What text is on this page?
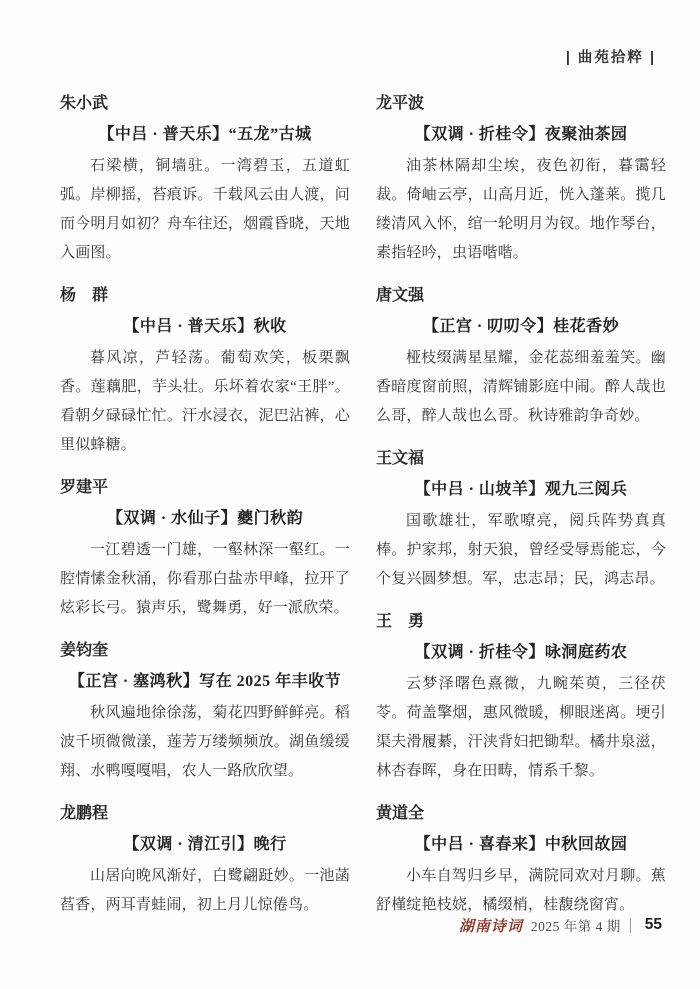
| 曲苑拾粹 |
朱小武
【中吕 · 普天乐】“五龙”古城

石梁横，铜墙驻。一湾碧玉，五道虹弧。岸柳摇，苔痕诉。千载风云由人渡，问而今明月如初？舟车往还，烟霞昏晓，天地入画图。

杨　群
【中吕 · 普天乐】秋收

暮风凉，芦轻荡。葡萄欢笑，板栗飘香。莲藕肥，芋头壮。乐坏着农家“王胖”。看朝夕碌碌忙忙。汗水浸衣，泥巴沾裤，心里似蜂糖。

罗建平
【双调 · 水仙子】夔门秋韵

一江碧透一门雄，一壑林深一壑红。一腔情愫金秋涌，你看那白盐赤甲峰，拉开了炫彩长弓。猿声乐，鹭舞勇，好一派欣荣。

姜钧奎
【正宫 · 塞鸿秋】写在 2025 年丰收节

秋风遍地徐徐荡，菊花四野鲜鲜亮。稻波千顷微微漾，莲芳万缕频频放。湖鱼缓缓翔、水鸭嘎嘎唱，农人一路欣欣望。

龙鹏程
【双调 · 清江引】晚行

山居向晚风渐好，白鹭翩跹妙。一池菡萏香，两耳青蛙闹，初上月儿惊倦鸟。

龙平波
【双调 · 折桂令】夜聚油茶园

油茶林隔却尘埃，夜色初衔，暮霭轻裁。倚岫云亭，山高月近，恍入蓬莱。揽几缕清风入怀，绾一轮明月为钗。地作琴台，素指轻吟，虫语喈喈。

唐文强
【正宫 · 叨叨令】桂花香妙

桠枝缀满星星耀，金花蕊细羞羞笑。幽香暗度窗前照，清辉铺影庭中闹。醉人哉也么哥，醉人哉也么哥。秋诗雅韵争奇妙。

王文福
【中吕 · 山坡羊】观九三阅兵

国歌雄壮，军歌嘹亮，阅兵阵势真真棒。护家邦，射天狼，曾经受辱焉能忘，今个复兴圆梦想。军，忠志昂；民，鸿志昂。

王　勇
【双调 · 折桂令】咏洞庭药农

云梦泽曙色熹微，九畹茱萸，三径茯苓。荷盖擎烟，惠风微暖，柳眼迷离。埂引渠夫滑履綦，汗浃背妇把锄犁。橘井泉滋，林杏春晖，身在田畴，情系千黎。

黄道全
【中吕 · 喜春来】中秋回故园

小车自驾归乡早，满院同欢对月聊。蕉舒槿绽艳枝娆，橘缀梢，桂馥绕窗宵。

湖南诗词 2025 年第 4 期 55
